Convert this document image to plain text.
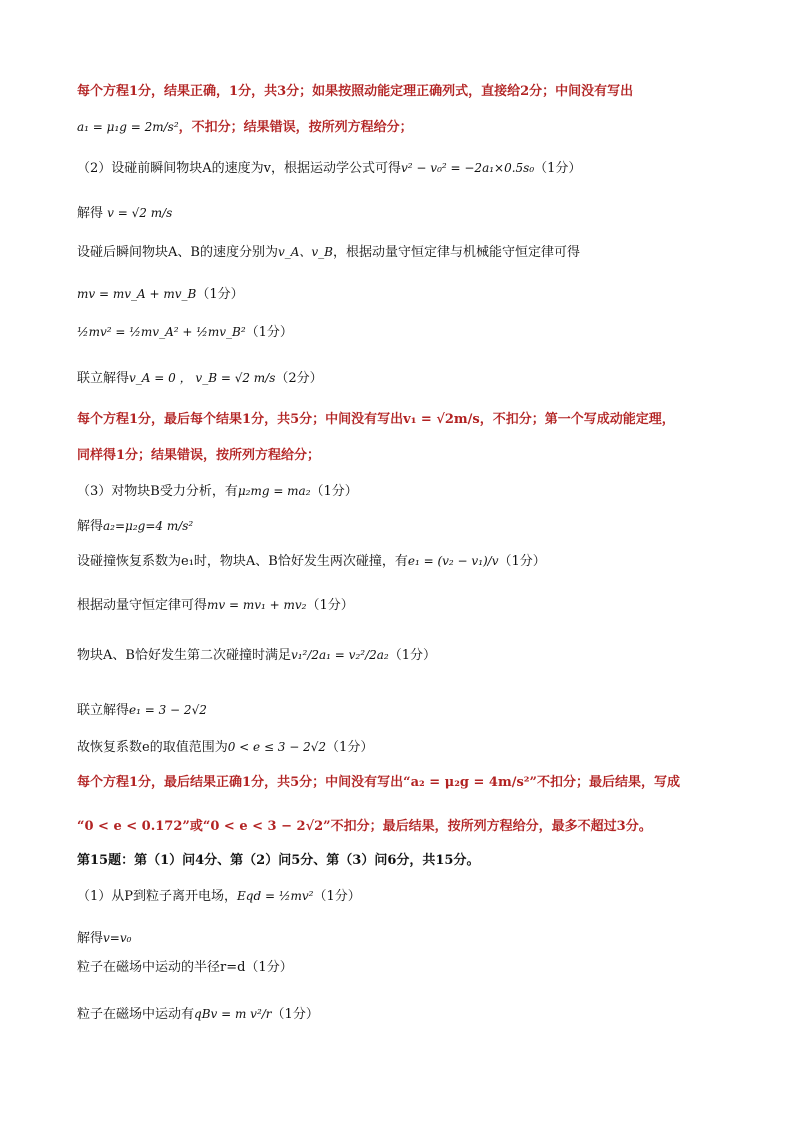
每个方程1分，结果正确，1分，共3分；如果按照动能定理正确列式，直接给2分；中间没有写出
a₁ = μ₁g = 2m/s²，不扣分；结果错误，按所列方程给分；
（2）设碰前瞬间物块A的速度为v，根据运动学公式可得v² − v₀² = −2a₁×0.5s₀（1分）
解得 v = √2 m/s
设碰后瞬间物块A、B的速度分别为v_A、v_B，根据动量守恒定律与机械能守恒定律可得
mv = mv_A + mv_B（1分）
½mv² = ½mv_A² + ½mv_B²（1分）
联立解得v_A = 0 ， v_B = √2 m/s（2分）
每个方程1分，最后每个结果1分，共5分；中间没有写出v₁ = √2m/s，不扣分；第一个写成动能定理，
同样得1分；结果错误，按所列方程给分；
（3）对物块B受力分析，有μ₂mg = ma₂（1分）
解得a₂=μ₂g=4 m/s²
设碰撞恢复系数为e₁时，物块A、B恰好发生两次碰撞，有e₁ = (v₂ − v₁)/v（1分）
根据动量守恒定律可得mv = mv₁ + mv₂（1分）
物块A、B恰好发生第二次碰撞时满足v₁²/2a₁ = v₂²/2a₂（1分）
联立解得e₁ = 3 − 2√2
故恢复系数e的取值范围为0 < e ≤ 3 − 2√2（1分）
每个方程1分，最后结果正确1分，共5分；中间没有写出“a₂ = μ₂g = 4m/s²”不扣分；最后结果，写成
“0 < e < 0.172”或“0 < e < 3 − 2√2”不扣分；最后结果，按所列方程给分，最多不超过3分。
第15题：第（1）问4分、第（2）问5分、第（3）问6分，共15分。
（1）从P到粒子离开电场，Eqd = ½mv²（1分）
解得v=v₀
粒子在磁场中运动的半径r=d（1分）
粒子在磁场中运动有qBv = m v²/r（1分）
